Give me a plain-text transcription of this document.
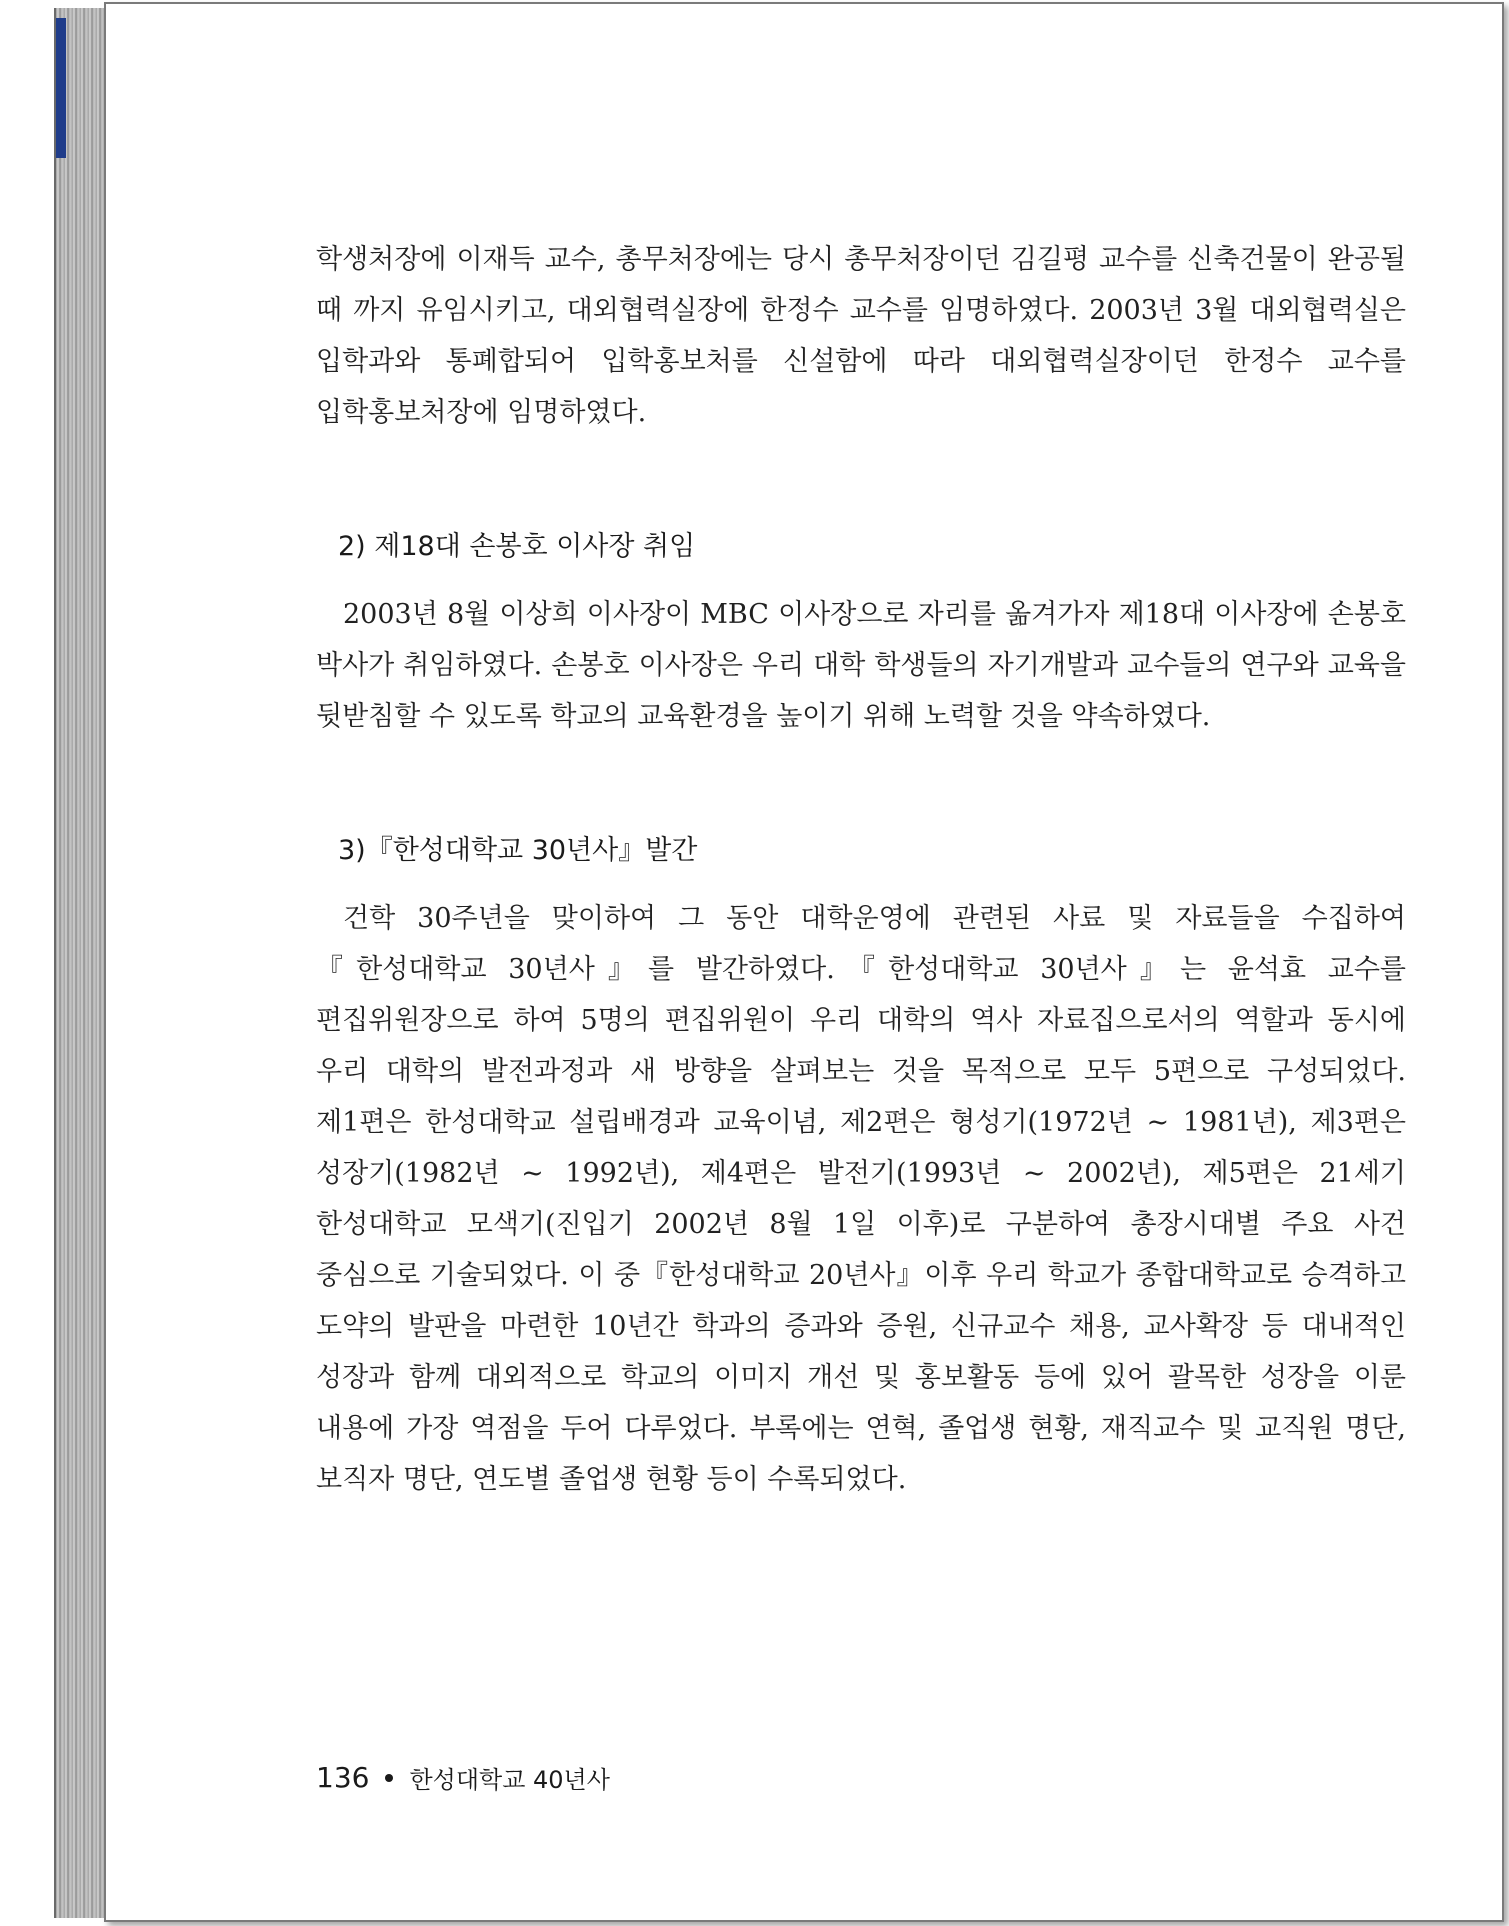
학생처장에 이재득 교수, 총무처장에는 당시 총무처장이던 김길평 교수를 신축건물이 완공될 때 까지 유임시키고, 대외협력실장에 한정수 교수를 임명하였다. 2003년 3월 대외협력실은 입학과와 통폐합되어 입학홍보처를 신설함에 따라 대외협력실장이던 한정수 교수를 입학홍보처장에 임명하였다.

2) 제18대 손봉호 이사장 취임

2003년 8월 이상희 이사장이 MBC 이사장으로 자리를 옮겨가자 제18대 이사장에 손봉호 박사가 취임하였다. 손봉호 이사장은 우리 대학 학생들의 자기개발과 교수들의 연구와 교육을 뒷받침할 수 있도록 학교의 교육환경을 높이기 위해 노력할 것을 약속하였다.

3)『한성대학교 30년사』발간

건학 30주년을 맞이하여 그 동안 대학운영에 관련된 사료 및 자료들을 수집하여『한성대학교 30년사』를 발간하였다.『한성대학교 30년사』는 윤석효 교수를 편집위원장으로 하여 5명의 편집위원이 우리 대학의 역사 자료집으로서의 역할과 동시에 우리 대학의 발전과정과 새 방향을 살펴보는 것을 목적으로 모두 5편으로 구성되었다. 제1편은 한성대학교 설립배경과 교육이념, 제2편은 형성기(1972년 ~ 1981년), 제3편은 성장기(1982년 ~ 1992년), 제4편은 발전기(1993년 ~ 2002년), 제5편은 21세기 한성대학교 모색기(진입기 2002년 8월 1일 이후)로 구분하여 총장시대별 주요 사건 중심으로 기술되었다. 이 중『한성대학교 20년사』이후 우리 학교가 종합대학교로 승격하고 도약의 발판을 마련한 10년간 학과의 증과와 증원, 신규교수 채용, 교사확장 등 대내적인 성장과 함께 대외적으로 학교의 이미지 개선 및 홍보활동 등에 있어 괄목한 성장을 이룬 내용에 가장 역점을 두어 다루었다. 부록에는 연혁, 졸업생 현황, 재직교수 및 교직원 명단, 보직자 명단, 연도별 졸업생 현황 등이 수록되었다.

136 한성대학교 40년사
